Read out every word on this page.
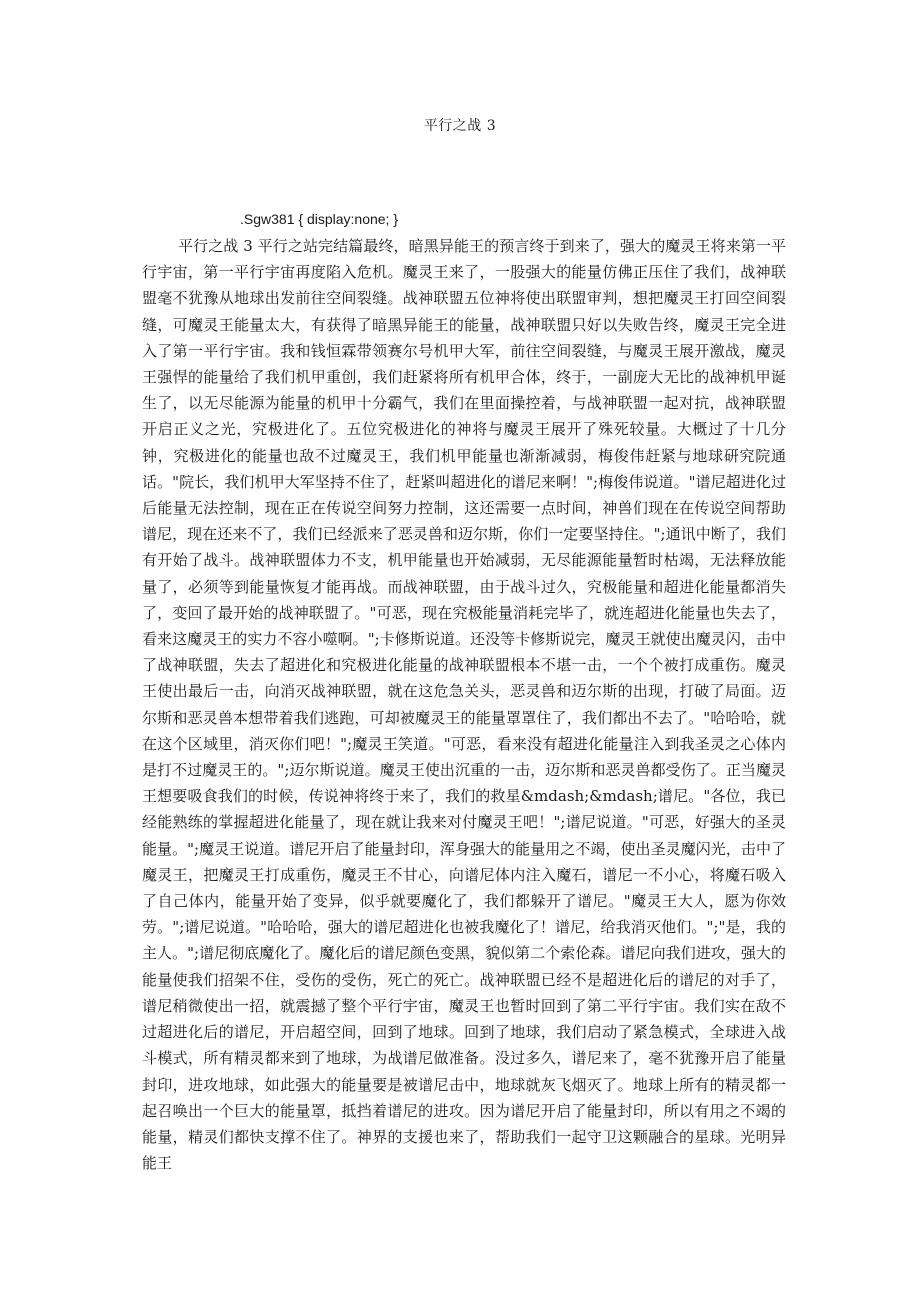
平行之战 3
.Sgw381 { display:none; }

平行之战 3 平行之站完结篇最终，暗黑异能王的预言终于到来了，强大的魔灵王将来第一平行宇宙，第一平行宇宙再度陷入危机。魔灵王来了，一股强大的能量仿佛正压住了我们，战神联盟毫不犹豫从地球出发前往空间裂缝。战神联盟五位神将使出联盟审判，想把魔灵王打回空间裂缝，可魔灵王能量太大，有获得了暗黑异能王的能量，战神联盟只好以失败告终，魔灵王完全进入了第一平行宇宙。我和钱恒霖带领赛尔号机甲大军，前往空间裂缝，与魔灵王展开激战，魔灵王强悍的能量给了我们机甲重创，我们赶紧将所有机甲合体，终于，一副庞大无比的战神机甲诞生了，以无尽能源为能量的机甲十分霸气，我们在里面操控着，与战神联盟一起对抗，战神联盟开启正义之光，究极进化了。五位究极进化的神将与魔灵王展开了殊死较量。大概过了十几分钟，究极进化的能量也敌不过魔灵王，我们机甲能量也渐渐减弱，梅俊伟赶紧与地球研究院通话。"院长，我们机甲大军坚持不住了，赶紧叫超进化的谱尼来啊！";梅俊伟说道。"谱尼超进化过后能量无法控制，现在正在传说空间努力控制，这还需要一点时间，神兽们现在在传说空间帮助谱尼，现在还来不了，我们已经派来了恶灵兽和迈尔斯，你们一定要坚持住。";通讯中断了，我们有开始了战斗。战神联盟体力不支，机甲能量也开始减弱，无尽能源能量暂时枯竭，无法释放能量了，必须等到能量恢复才能再战。而战神联盟，由于战斗过久，究极能量和超进化能量都消失了，变回了最开始的战神联盟了。"可恶，现在究极能量消耗完毕了，就连超进化能量也失去了，看来这魔灵王的实力不容小噬啊。";卡修斯说道。还没等卡修斯说完，魔灵王就使出魔灵闪，击中了战神联盟，失去了超进化和究极进化能量的战神联盟根本不堪一击，一个个被打成重伤。魔灵王使出最后一击，向消灭战神联盟，就在这危急关头，恶灵兽和迈尔斯的出现，打破了局面。迈尔斯和恶灵兽本想带着我们逃跑，可却被魔灵王的能量罩罩住了，我们都出不去了。"哈哈哈，就在这个区域里，消灭你们吧！";魔灵王笑道。"可恶，看来没有超进化能量注入到我圣灵之心体内是打不过魔灵王的。";迈尔斯说道。魔灵王使出沉重的一击，迈尔斯和恶灵兽都受伤了。正当魔灵王想要吸食我们的时候，传说神将终于来了，我们的救星&mdash;&mdash;谱尼。"各位，我已经能熟练的掌握超进化能量了，现在就让我来对付魔灵王吧！";谱尼说道。"可恶，好强大的圣灵能量。";魔灵王说道。谱尼开启了能量封印，浑身强大的能量用之不竭，使出圣灵魔闪光，击中了魔灵王，把魔灵王打成重伤，魔灵王不甘心，向谱尼体内注入魔石，谱尼一不小心，将魔石吸入了自己体内，能量开始了变异，似乎就要魔化了，我们都躲开了谱尼。"魔灵王大人，愿为你效劳。";谱尼说道。"哈哈哈，强大的谱尼超进化也被我魔化了！谱尼，给我消灭他们。";"是，我的主人。";谱尼彻底魔化了。魔化后的谱尼颜色变黑，貌似第二个索伦森。谱尼向我们进攻，强大的能量使我们招架不住，受伤的受伤，死亡的死亡。战神联盟已经不是超进化后的谱尼的对手了，谱尼稍微使出一招，就震撼了整个平行宇宙，魔灵王也暂时回到了第二平行宇宙。我们实在敌不过超进化后的谱尼，开启超空间，回到了地球。回到了地球，我们启动了紧急模式，全球进入战斗模式，所有精灵都来到了地球，为战谱尼做准备。没过多久，谱尼来了，毫不犹豫开启了能量封印，进攻地球，如此强大的能量要是被谱尼击中，地球就灰飞烟灭了。地球上所有的精灵都一起召唤出一个巨大的能量罩，抵挡着谱尼的进攻。因为谱尼开启了能量封印，所以有用之不竭的能量，精灵们都快支撑不住了。神界的支援也来了，帮助我们一起守卫这颗融合的星球。光明异能王
